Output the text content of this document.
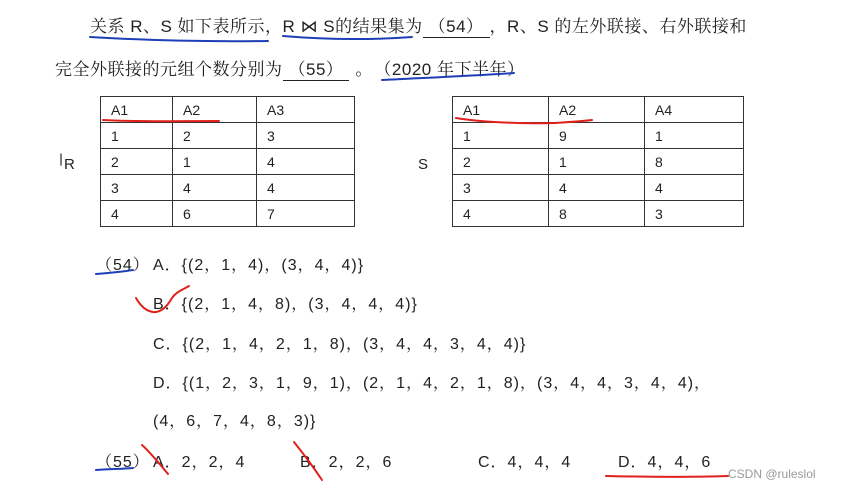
关系 R、S 如下表所示，R ⋈ S的结果集为 （54） ，R、S 的左外联接、右外联接和
完全外联接的元组个数分别为 （55） 。 （2020 年下半年）
R
A1	A2	A3
1	2	3
2	1	4
3	4	4
4	6	7
S
A1	A2	A4
1	9	1
2	1	8
3	4	4
4	8	3
（54） A．{(2，1，4)，(3，4，4)}
B．{(2，1，4，8)，(3，4，4，4)}
C．{(2，1，4，2，1，8)，(3，4，4，3，4，4)}
D．{(1，2，3，1，9，1)，(2，1，4，2，1，8)，(3，4，4，3，4，4)，
(4，6，7，4，8，3)}
（55） A．2，2，4	B．2，2，6	C．4，4，4	D．4，4，6
CSDN @ruleslol
